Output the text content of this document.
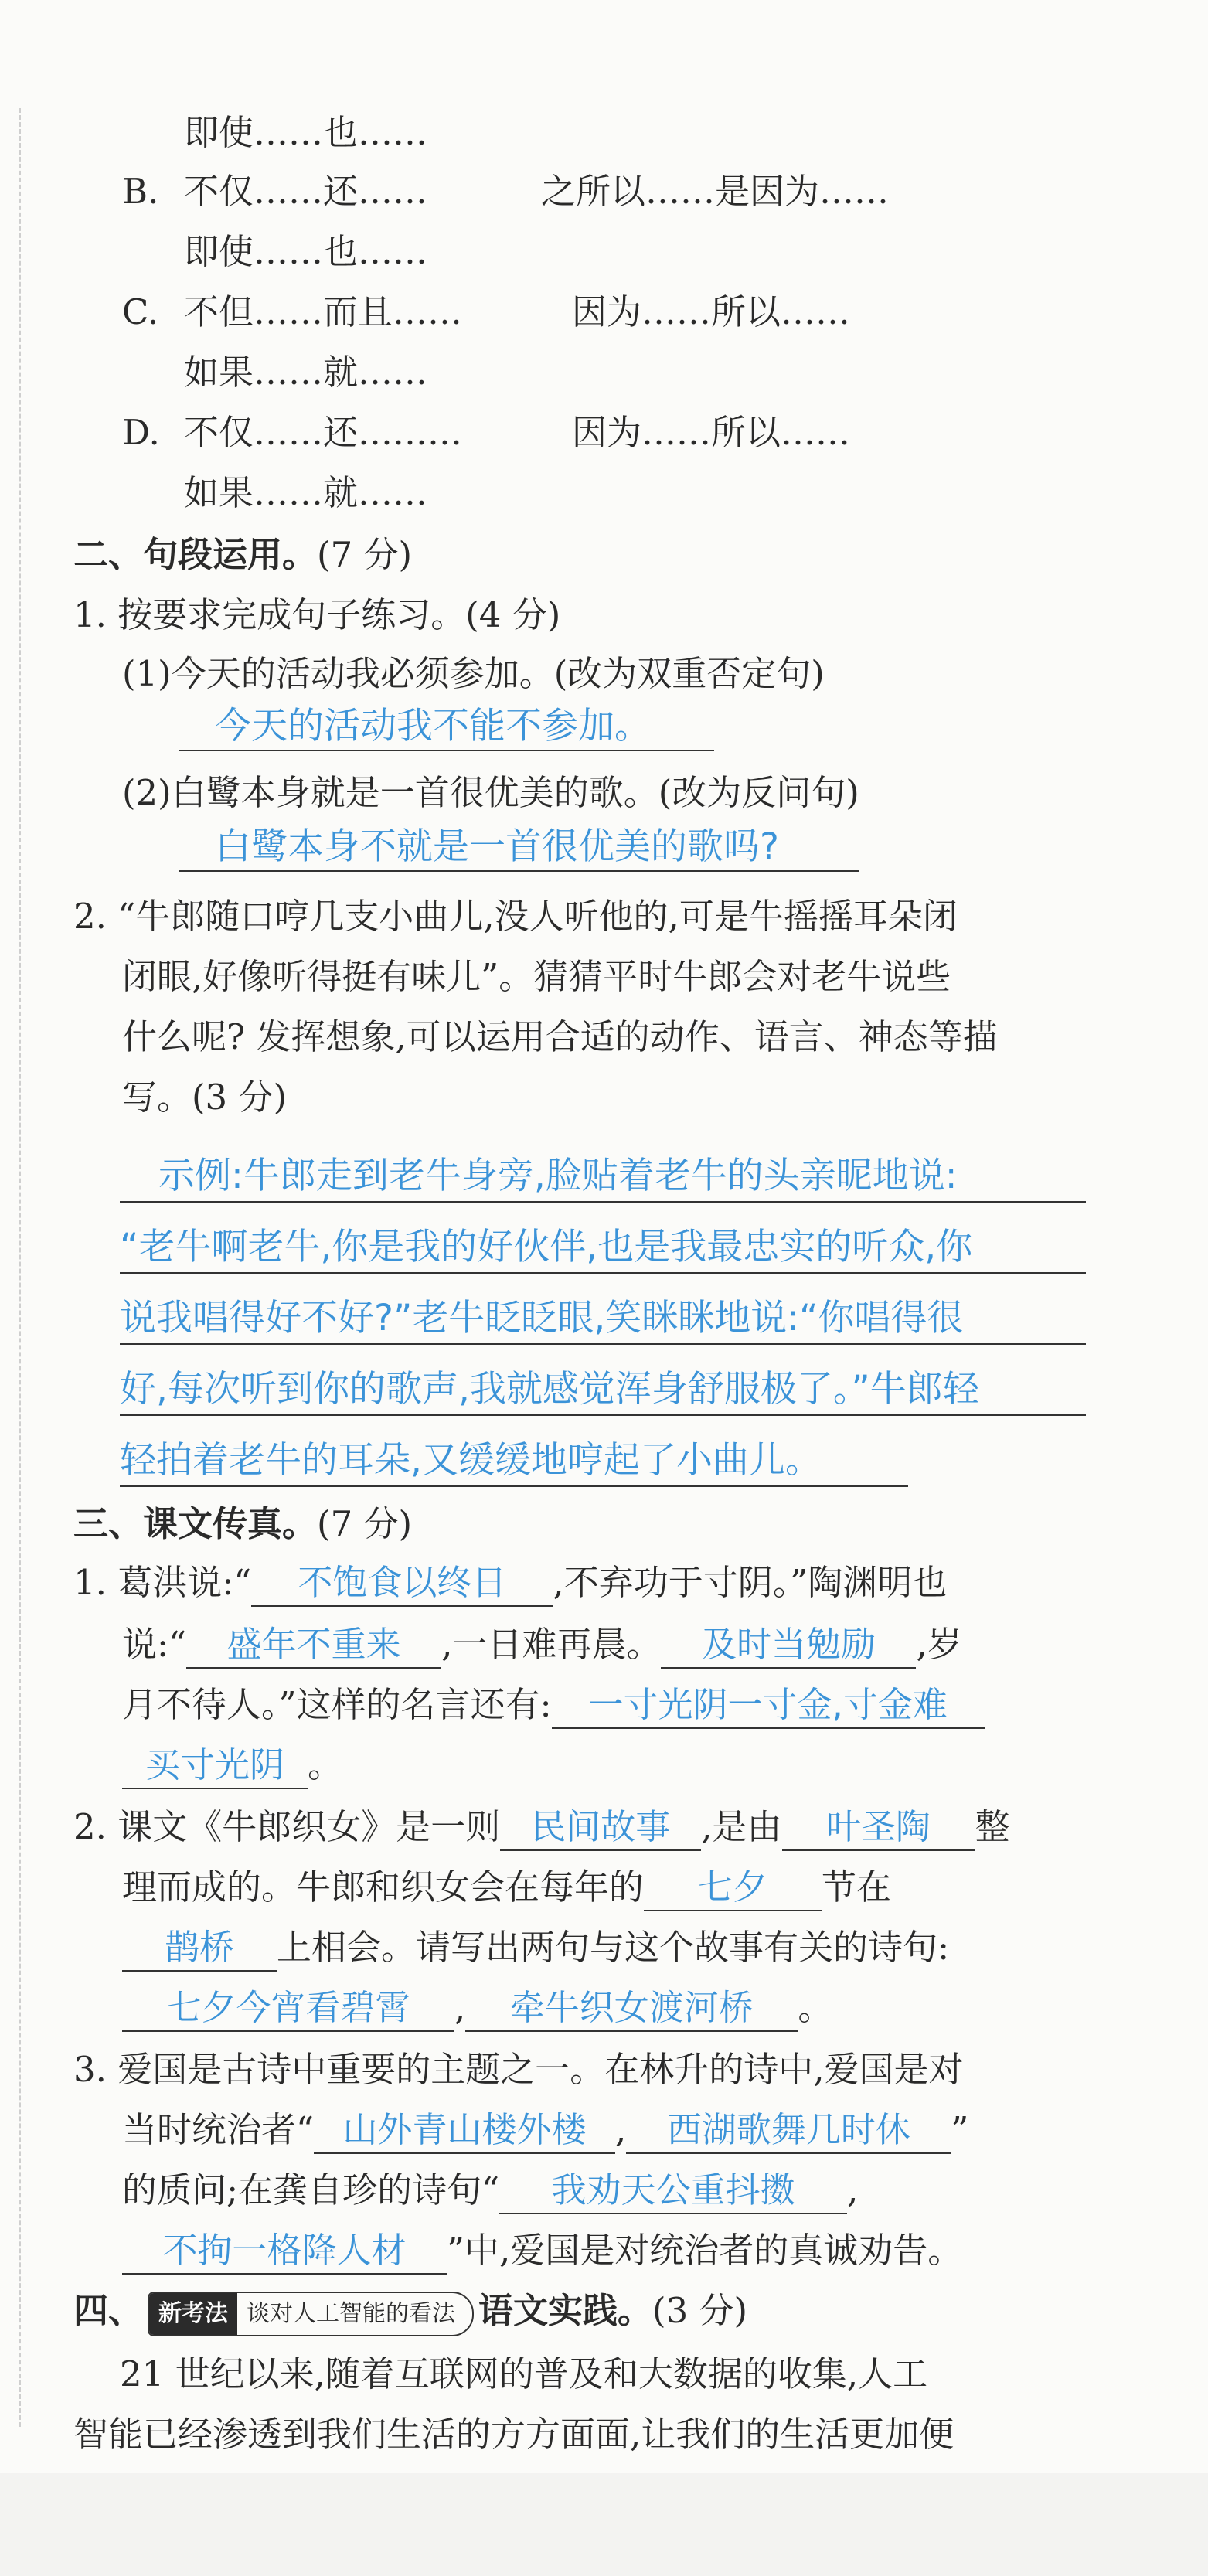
即使……也……
B. 不仅……还……	之所以……是因为……
即使……也……
C. 不但……而且……	因为……所以……
如果……就……
D. 不仅……还………	因为……所以……
如果……就……
二、句段运用。(7 分)
1. 按要求完成句子练习。(4 分)
(1)今天的活动我必须参加。(改为双重否定句)
今天的活动我不能不参加。
(2)白鹭本身就是一首很优美的歌。(改为反问句)
白鹭本身不就是一首很优美的歌吗?
2. “牛郎随口哼几支小曲儿,没人听他的,可是牛摇摇耳朵闭
闭眼,好像听得挺有味儿”。猜猜平时牛郎会对老牛说些
什么呢? 发挥想象,可以运用合适的动作、语言、神态等描
写。(3 分)
示例:牛郎走到老牛身旁,脸贴着老牛的头亲昵地说:
“老牛啊老牛,你是我的好伙伴,也是我最忠实的听众,你
说我唱得好不好?”老牛眨眨眼,笑眯眯地说:“你唱得很
好,每次听到你的歌声,我就感觉浑身舒服极了。”牛郎轻
轻拍着老牛的耳朵,又缓缓地哼起了小曲儿。
三、课文传真。(7 分)
1. 葛洪说:“ 不饱食以终日 ,不弃功于寸阴。”陶渊明也
说:“ 盛年不重来 ,一日难再晨。 及时当勉励 ,岁
月不待人。”这样的名言还有: 一寸光阴一寸金,寸金难
买寸光阴 。
2. 课文《牛郎织女》是一则 民间故事 ,是由 叶圣陶 整
理而成的。牛郎和织女会在每年的 七夕 节在
鹊桥 上相会。请写出两句与这个故事有关的诗句:
七夕今宵看碧霄 , 牵牛织女渡河桥 。
3. 爱国是古诗中重要的主题之一。在林升的诗中,爱国是对
当时统治者“ 山外青山楼外楼 , 西湖歌舞几时休 ”
的质问;在龚自珍的诗句“ 我劝天公重抖擞 ,
不拘一格降人材 ”中,爱国是对统治者的真诚劝告。
四、 新考法 谈对人工智能的看法 语文实践。(3 分)
21 世纪以来,随着互联网的普及和大数据的收集,人工
智能已经渗透到我们生活的方方面面,让我们的生活更加便
